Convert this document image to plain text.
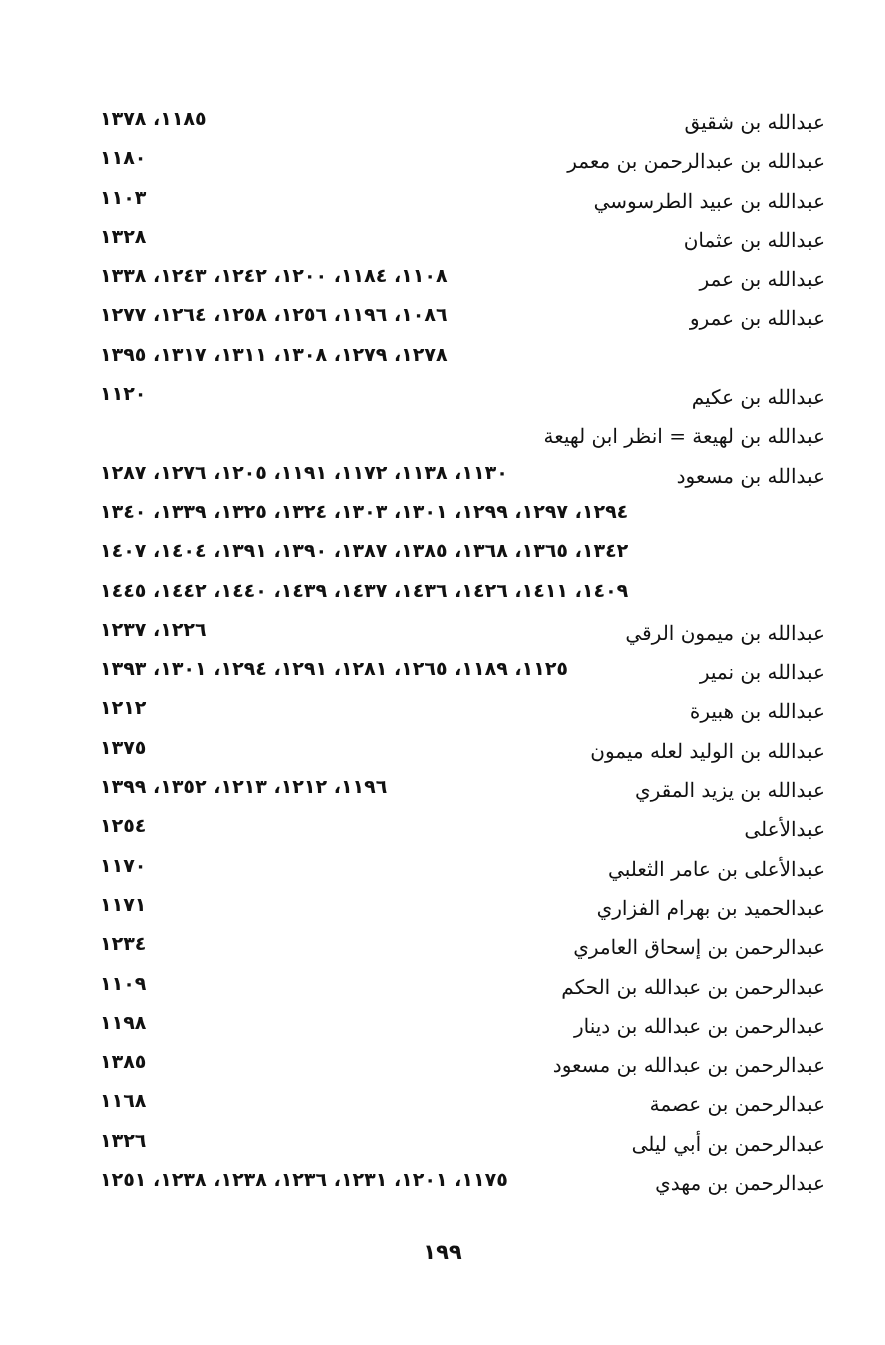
عبدالله بن شقيق
١١٨٥، ١٣٧٨
عبدالله بن عبدالرحمن بن معمر
١١٨٠
عبدالله بن عبيد الطرسوسي
١١٠٣
عبدالله بن عثمان
١٣٢٨
عبدالله بن عمر
١١٠٨، ١١٨٤، ١٢٠٠، ١٢٤٢، ١٢٤٣، ١٣٣٨
عبدالله بن عمرو
١٠٨٦، ١١٩٦، ١٢٥٦، ١٢٥٨، ١٢٦٤، ١٢٧٧
١٢٧٨، ١٢٧٩، ١٣٠٨، ١٣١١، ١٣١٧، ١٣٩٥
عبدالله بن عكيم
١١٢٠
عبدالله بن لهيعة = انظر ابن لهيعة
عبدالله بن مسعود
١١٣٠، ١١٣٨، ١١٧٢، ١١٩١، ١٢٠٥، ١٢٧٦، ١٢٨٧
١٢٩٤، ١٢٩٧، ١٢٩٩، ١٣٠١، ١٣٠٣، ١٣٢٤، ١٣٢٥، ١٣٣٩، ١٣٤٠
١٣٤٢، ١٣٦٥، ١٣٦٨، ١٣٨٥، ١٣٨٧، ١٣٩٠، ١٣٩١، ١٤٠٤، ١٤٠٧
١٤٠٩، ١٤١١، ١٤٢٦، ١٤٣٦، ١٤٣٧، ١٤٣٩، ١٤٤٠، ١٤٤٢، ١٤٤٥
عبدالله بن ميمون الرقي
١٢٢٦، ١٢٣٧
عبدالله بن نمير
١١٢٥، ١١٨٩، ١٢٦٥، ١٢٨١، ١٢٩١، ١٢٩٤، ١٣٠١، ١٣٩٣
عبدالله بن هبيرة
١٢١٢
عبدالله بن الوليد لعله ميمون
١٣٧٥
عبدالله بن يزيد المقري
١١٩٦، ١٢١٢، ١٢١٣، ١٣٥٢، ١٣٩٩
عبدالأعلى
١٢٥٤
عبدالأعلى بن عامر الثعلبي
١١٧٠
عبدالحميد بن بهرام الفزاري
١١٧١
عبدالرحمن بن إسحاق العامري
١٢٣٤
عبدالرحمن بن عبدالله بن الحكم
١١٠٩
عبدالرحمن بن عبدالله بن دينار
١١٩٨
عبدالرحمن بن عبدالله بن مسعود
١٣٨٥
عبدالرحمن بن عصمة
١١٦٨
عبدالرحمن بن أبي ليلى
١٣٢٦
عبدالرحمن بن مهدي
١١٧٥، ١٢٠١، ١٢٣١، ١٢٣٦، ١٢٣٨، ١٢٣٨، ١٢٥١
١٩٩
